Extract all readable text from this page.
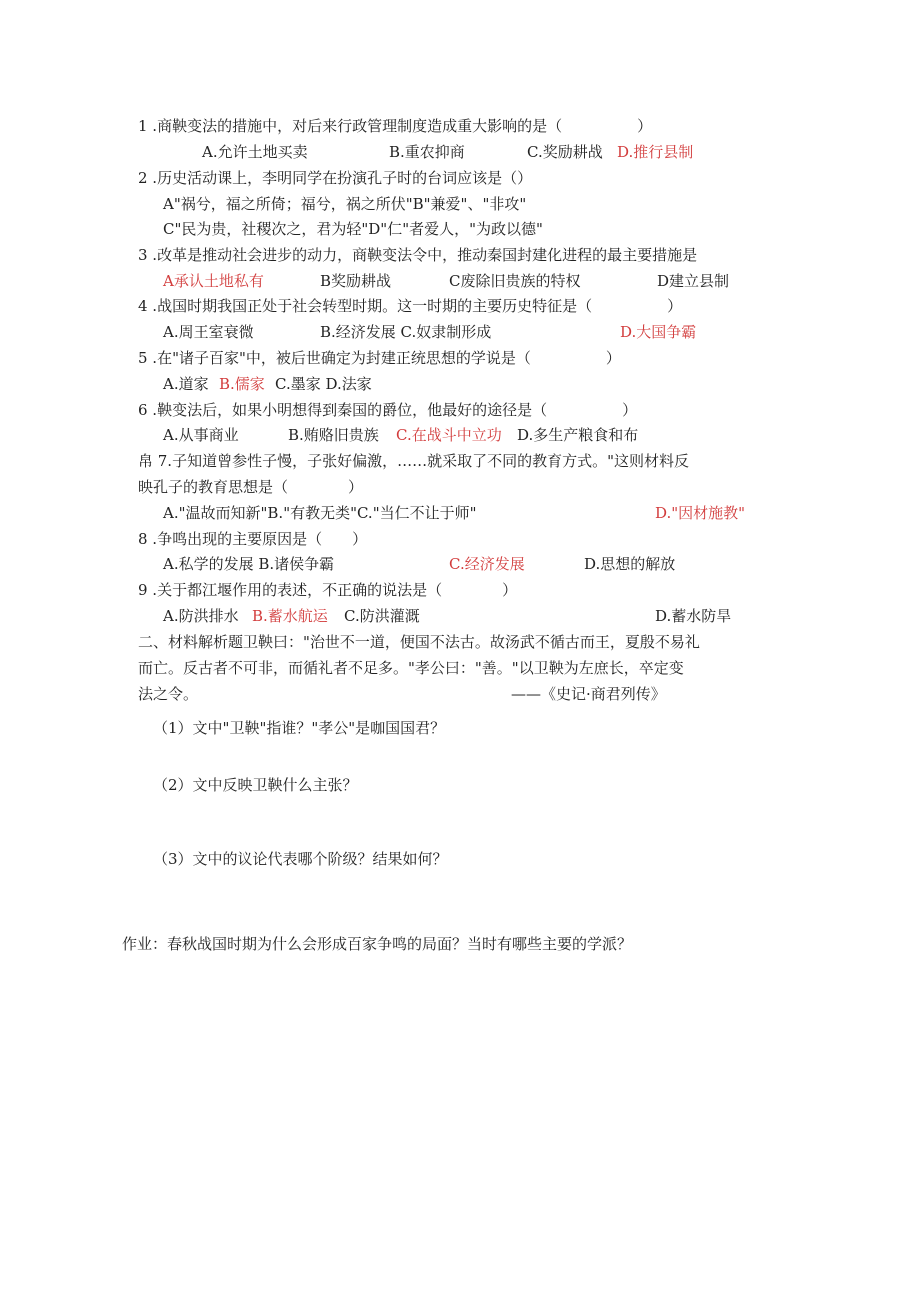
1 .商鞅变法的措施中，对后来行政管理制度造成重大影响的是（　　　　　）
A.允许土地买卖	B.重农抑商	C.奖励耕战 D.推行县制
2 .历史活动课上，李明同学在扮演孔子时的台词应该是（）
A"祸兮，福之所倚；福兮，祸之所伏"B"兼爱"、"非攻"
C"民为贵，社稷次之，君为轻"D"仁"者爱人，"为政以德"
3 .改革是推动社会进步的动力，商鞅变法令中，推动秦国封建化进程的最主要措施是
A承认土地私有	B奖励耕战	C废除旧贵族的特权	D建立县制
4 .战国时期我国正处于社会转型时期。这一时期的主要历史特征是（　　　　　）
A.周王室衰微	B.经济发展 C.奴隶制形成	D.大国争霸
5 .在"诸子百家"中，被后世确定为封建正统思想的学说是（　　　　　）
A.道家 B.儒家 C.墨家 D.法家
6 .鞅变法后，如果小明想得到秦国的爵位，他最好的途径是（　　　　　）
A.从事商业	B.贿赂旧贵族 C.在战斗中立功 D.多生产粮食和布
帛 7.子知道曾参性子慢，子张好偏激，……就采取了不同的教育方式。"这则材料反
映孔子的教育思想是（　　　　）
A."温故而知新"B."有教无类"C."当仁不让于师"	D."因材施教"
8 .争鸣出现的主要原因是（　　）
A.私学的发展 B.诸侯争霸	C.经济发展	D.思想的解放
9 .关于都江堰作用的表述，不正确的说法是（　　　　）
A.防洪排水 B.蓄水航运 C.防洪灌溉	D.蓄水防旱
二、材料解析题卫鞅曰："治世不一道，便国不法古。故汤武不循古而王，夏殷不易礼
而亡。反古者不可非，而循礼者不足多。"孝公曰："善。"以卫鞅为左庶长，卒定变
法之令。	——《史记·商君列传》
（1）文中"卫鞅"指谁？"孝公"是咖国国君？
（2）文中反映卫鞅什么主张？
（3）文中的议论代表哪个阶级？结果如何？
作业：春秋战国时期为什么会形成百家争鸣的局面？当时有哪些主要的学派？
